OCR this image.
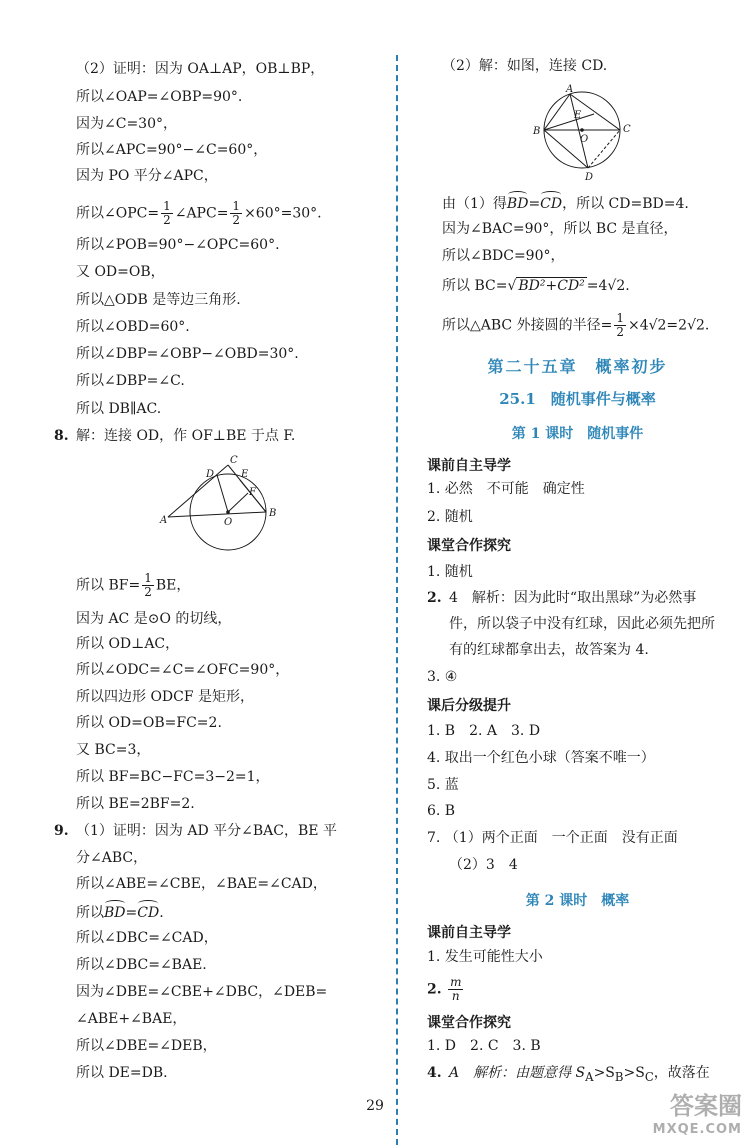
（2）证明：因为 OA⊥AP，OB⊥BP，
所以∠OAP=∠OBP=90°.
因为∠C=30°，
所以∠APC=90°−∠C=60°，
因为 PO 平分∠APC，
所以∠OPC= $\frac{1}{2}$ ∠APC= $\frac{1}{2} \times 60^\circ=30^\circ$.
所以∠POB=90°−∠OPC=60°.
又 OD=OB，
所以△ODB 是等边三角形.
所以∠OBD=60°.
所以∠DBP=∠OBP−∠OBD=30°.
所以∠DBP=∠C.
所以 DB∥AC.
8. 解：连接 OD，作 OF⊥BE 于点 F.
A
B
C
D	E
F
O
所以 $BF= \frac{1}{2}$ BE，
因为 AC 是⊙O 的切线，
所以 OD⊥AC，
所以∠ODC=∠C=∠OFC=90°，
所以四边形 ODCF 是矩形，
所以 OD=OB=FC=2.
又 BC=3，
所以 BF=BC−FC=3−2=1，
所以 BE=2BF=2.
9. （1）证明：因为 AD 平分∠BAC，BE 平
分∠ABC，
所以∠ABE=∠CBE，∠BAE=∠CAD，
所以BD=CD.
所以∠DBC=∠CAD，
所以∠DBC=∠BAE.
因为∠DBE=∠CBE+∠DBC，∠DEB=
∠ABE+∠BAE，
所以∠DBE=∠DEB，
所以 DE=DB.
（2）解：如图，连接 CD.
A
B	C
D
E
O
由（1）得BD=CD，所以 CD=BD=4.
因为∠BAC=90°，所以 BC 是直径，
所以∠BDC=90°，
所以 BC=√ BD²+CD² =4√2.
所以△ABC 外接圆的半径= $\frac{1}{2} \times 4√2=2√2$.
第二十五章　概率初步
25.1　随机事件与概率
第 1 课时　随机事件
课前自主导学
1. 必然　不可能　确定性
2. 随机
课堂合作探究
1. 随机
2. 4　解析：因为此时“取出黑球”为必然事
件，所以袋子中没有红球，因此必须先把所
有的红球都拿出去，故答案为 4.
3. ④
课后分级提升
1. B　2. A　3. D
4. 取出一个红色小球（答案不唯一）
5. 蓝
6. B
7. （1）两个正面　一个正面　没有正面
（2）3　4
第 2 课时　概率
课前自主导学
1. 发生可能性大小
2. $\frac{m}{n}$
课堂合作探究
1. D　2. C　3. B
4. A　解析：由题意得 $S_A>S_B>S_C$，故落在
29	答案圈
MXQE.COM
